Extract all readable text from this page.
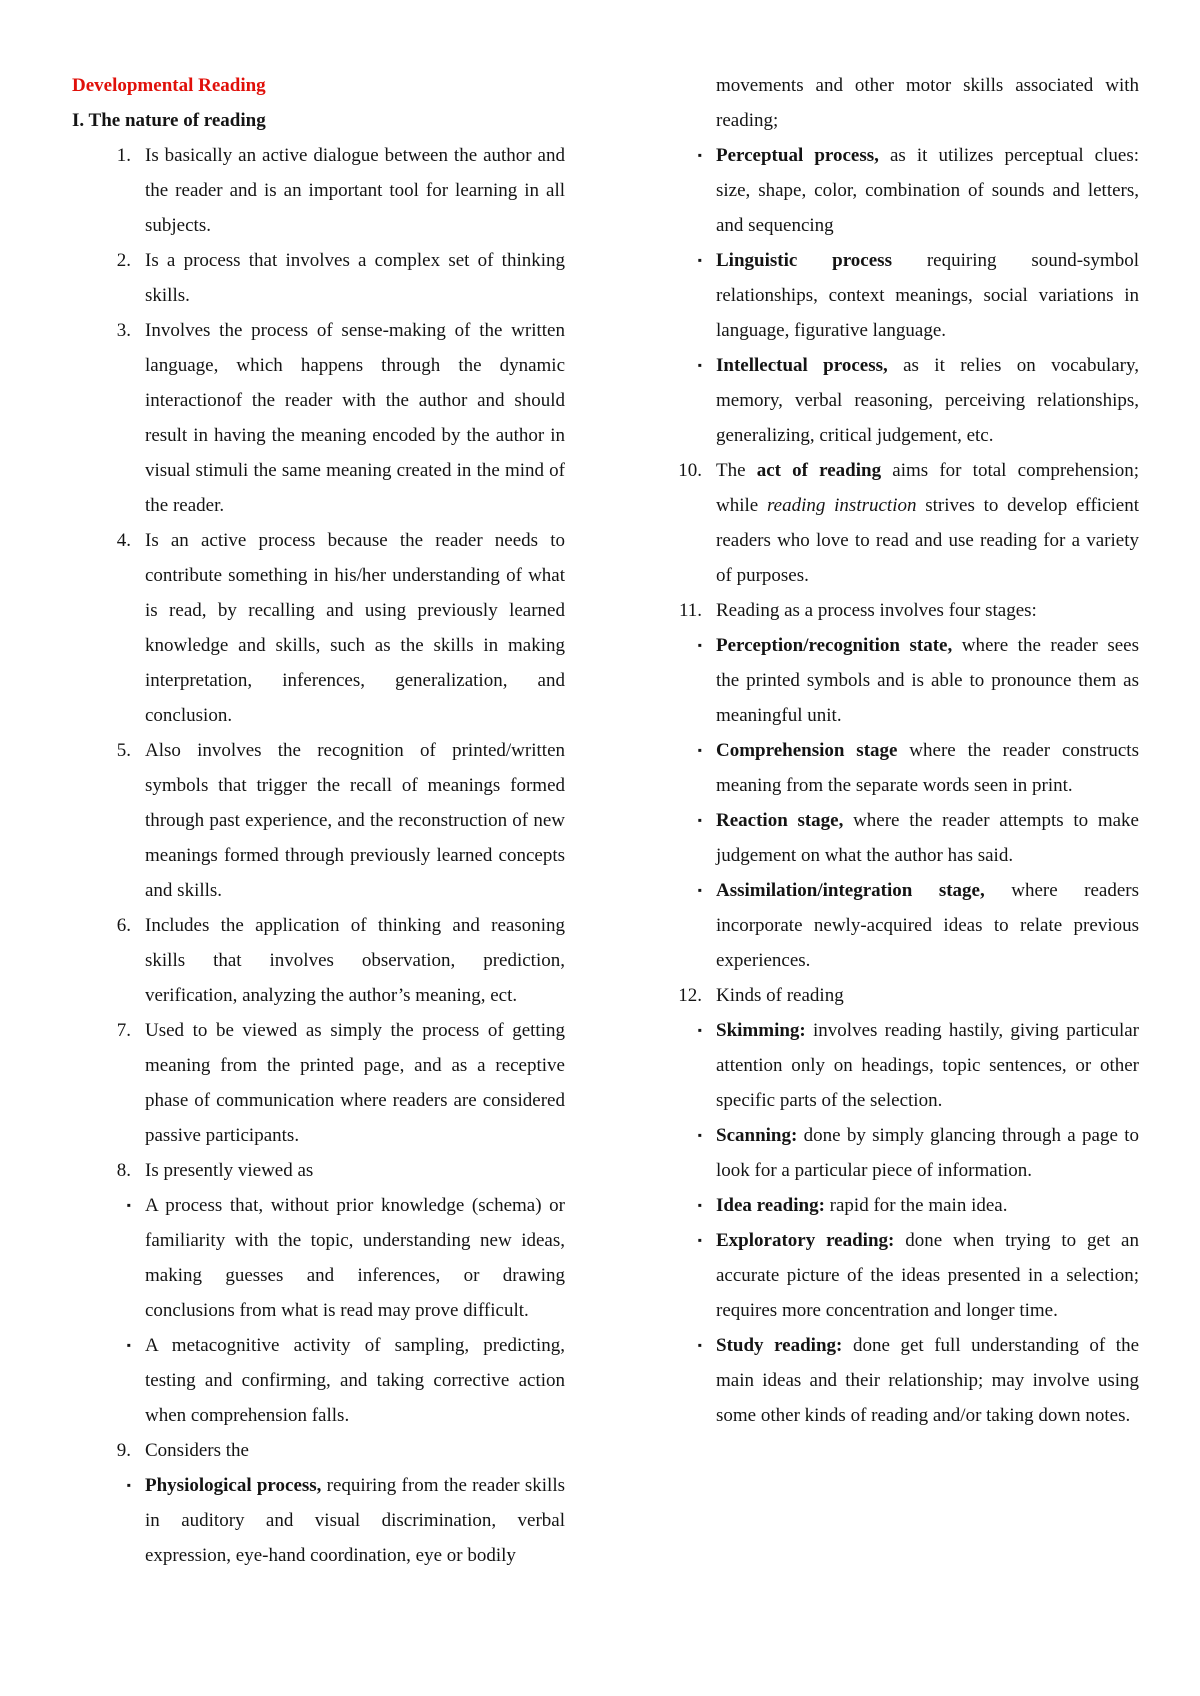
Developmental Reading
I. The nature of reading
1. Is basically an active dialogue between the author and the reader and is an important tool for learning in all subjects.
2. Is a process that involves a complex set of thinking skills.
3. Involves the process of sense-making of the written language, which happens through the dynamic interactionof the reader with the author and should result in having the meaning encoded by the author in visual stimuli the same meaning created in the mind of the reader.
4. Is an active process because the reader needs to contribute something in his/her understanding of what is read, by recalling and using previously learned knowledge and skills, such as the skills in making interpretation, inferences, generalization, and conclusion.
5. Also involves the recognition of printed/written symbols that trigger the recall of meanings formed through past experience, and the reconstruction of new meanings formed through previously learned concepts and skills.
6. Includes the application of thinking and reasoning skills that involves observation, prediction, verification, analyzing the author’s meaning, ect.
7. Used to be viewed as simply the process of getting meaning from the printed page, and as a receptive phase of communication where readers are considered passive participants.
8. Is presently viewed as
▪ A process that, without prior knowledge (schema) or familiarity with the topic, understanding new ideas, making guesses and inferences, or drawing conclusions from what is read may prove difficult.
▪ A metacognitive activity of sampling, predicting, testing and confirming, and taking corrective action when comprehension falls.
9. Considers the
▪ Physiological process, requiring from the reader skills in auditory and visual discrimination, verbal expression, eye-hand coordination, eye or bodily
movements and other motor skills associated with reading;
▪ Perceptual process, as it utilizes perceptual clues: size, shape, color, combination of sounds and letters, and sequencing
▪ Linguistic process requiring sound-symbol relationships, context meanings, social variations in language, figurative language.
▪ Intellectual process, as it relies on vocabulary, memory, verbal reasoning, perceiving relationships, generalizing, critical judgement, etc.
10. The act of reading aims for total comprehension; while reading instruction strives to develop efficient readers who love to read and use reading for a variety of purposes.
11. Reading as a process involves four stages:
▪ Perception/recognition state, where the reader sees the printed symbols and is able to pronounce them as meaningful unit.
▪ Comprehension stage where the reader constructs meaning from the separate words seen in print.
▪ Reaction stage, where the reader attempts to make judgement on what the author has said.
▪ Assimilation/integration stage, where readers incorporate newly-acquired ideas to relate previous experiences.
12. Kinds of reading
▪ Skimming: involves reading hastily, giving particular attention only on headings, topic sentences, or other specific parts of the selection.
▪ Scanning: done by simply glancing through a page to look for a particular piece of information.
▪ Idea reading: rapid for the main idea.
▪ Exploratory reading: done when trying to get an accurate picture of the ideas presented in a selection; requires more concentration and longer time.
▪ Study reading: done get full understanding of the main ideas and their relationship; may involve using some other kinds of reading and/or taking down notes.
